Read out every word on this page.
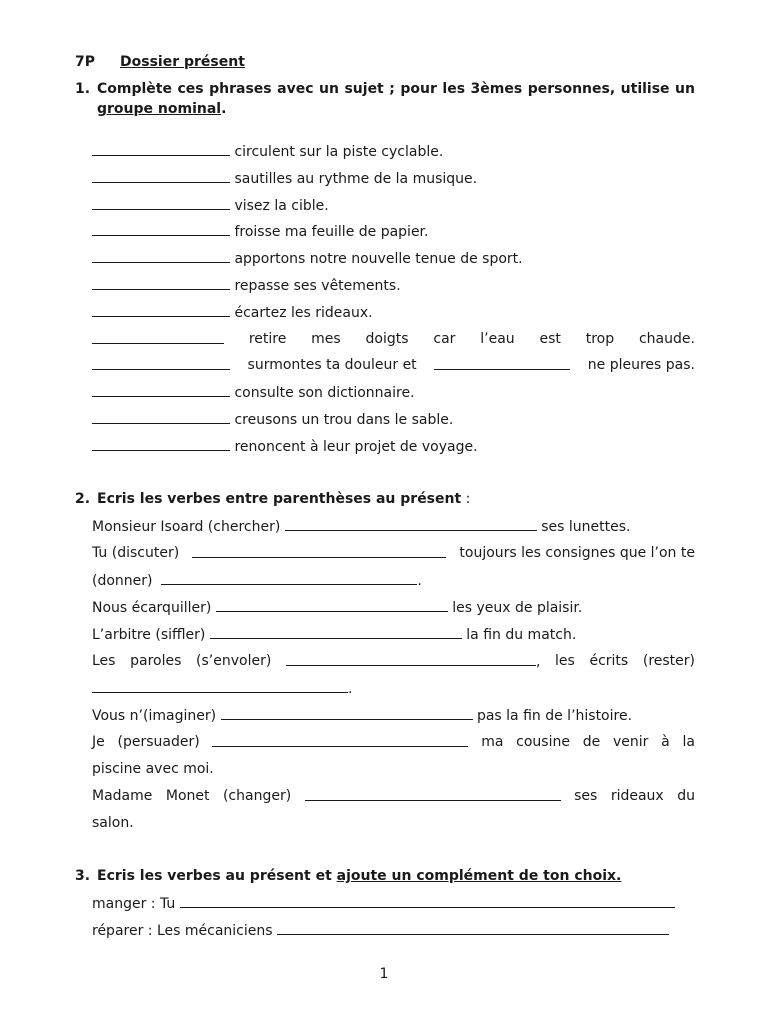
7P Dossier présent
1. Complète ces phrases avec un sujet ; pour les 3èmes personnes, utilise un
groupe nominal.
circulent sur la piste cyclable.
sautilles au rythme de la musique.
visez la cible.
froisse ma feuille de papier.
apportons notre nouvelle tenue de sport.
repasse ses vêtements.
écartez les rideaux.
retire mes doigts car l’eau est trop chaude.
surmontes ta douleur et	ne pleures pas.
consulte son dictionnaire.
creusons un trou dans le sable.
renoncent à leur projet de voyage.
2. Ecris les verbes entre parenthèses au présent :
Monsieur Isoard (chercher)	ses lunettes.
Tu (discuter)	toujours les consignes que l’on te
(donner)	.
Nous écarquiller)	les yeux de plaisir.
L’arbitre (siffler)	la fin du match.
Les paroles (s’envoler)	, les écrits (rester)
.
Vous n’(imaginer)	pas la fin de l’histoire.
Je (persuader)	ma cousine de venir à la
piscine avec moi.
Madame Monet (changer)	ses rideaux du
salon.
3. Ecris les verbes au présent et ajoute un complément de ton choix.
manger : Tu
réparer : Les mécaniciens
1
